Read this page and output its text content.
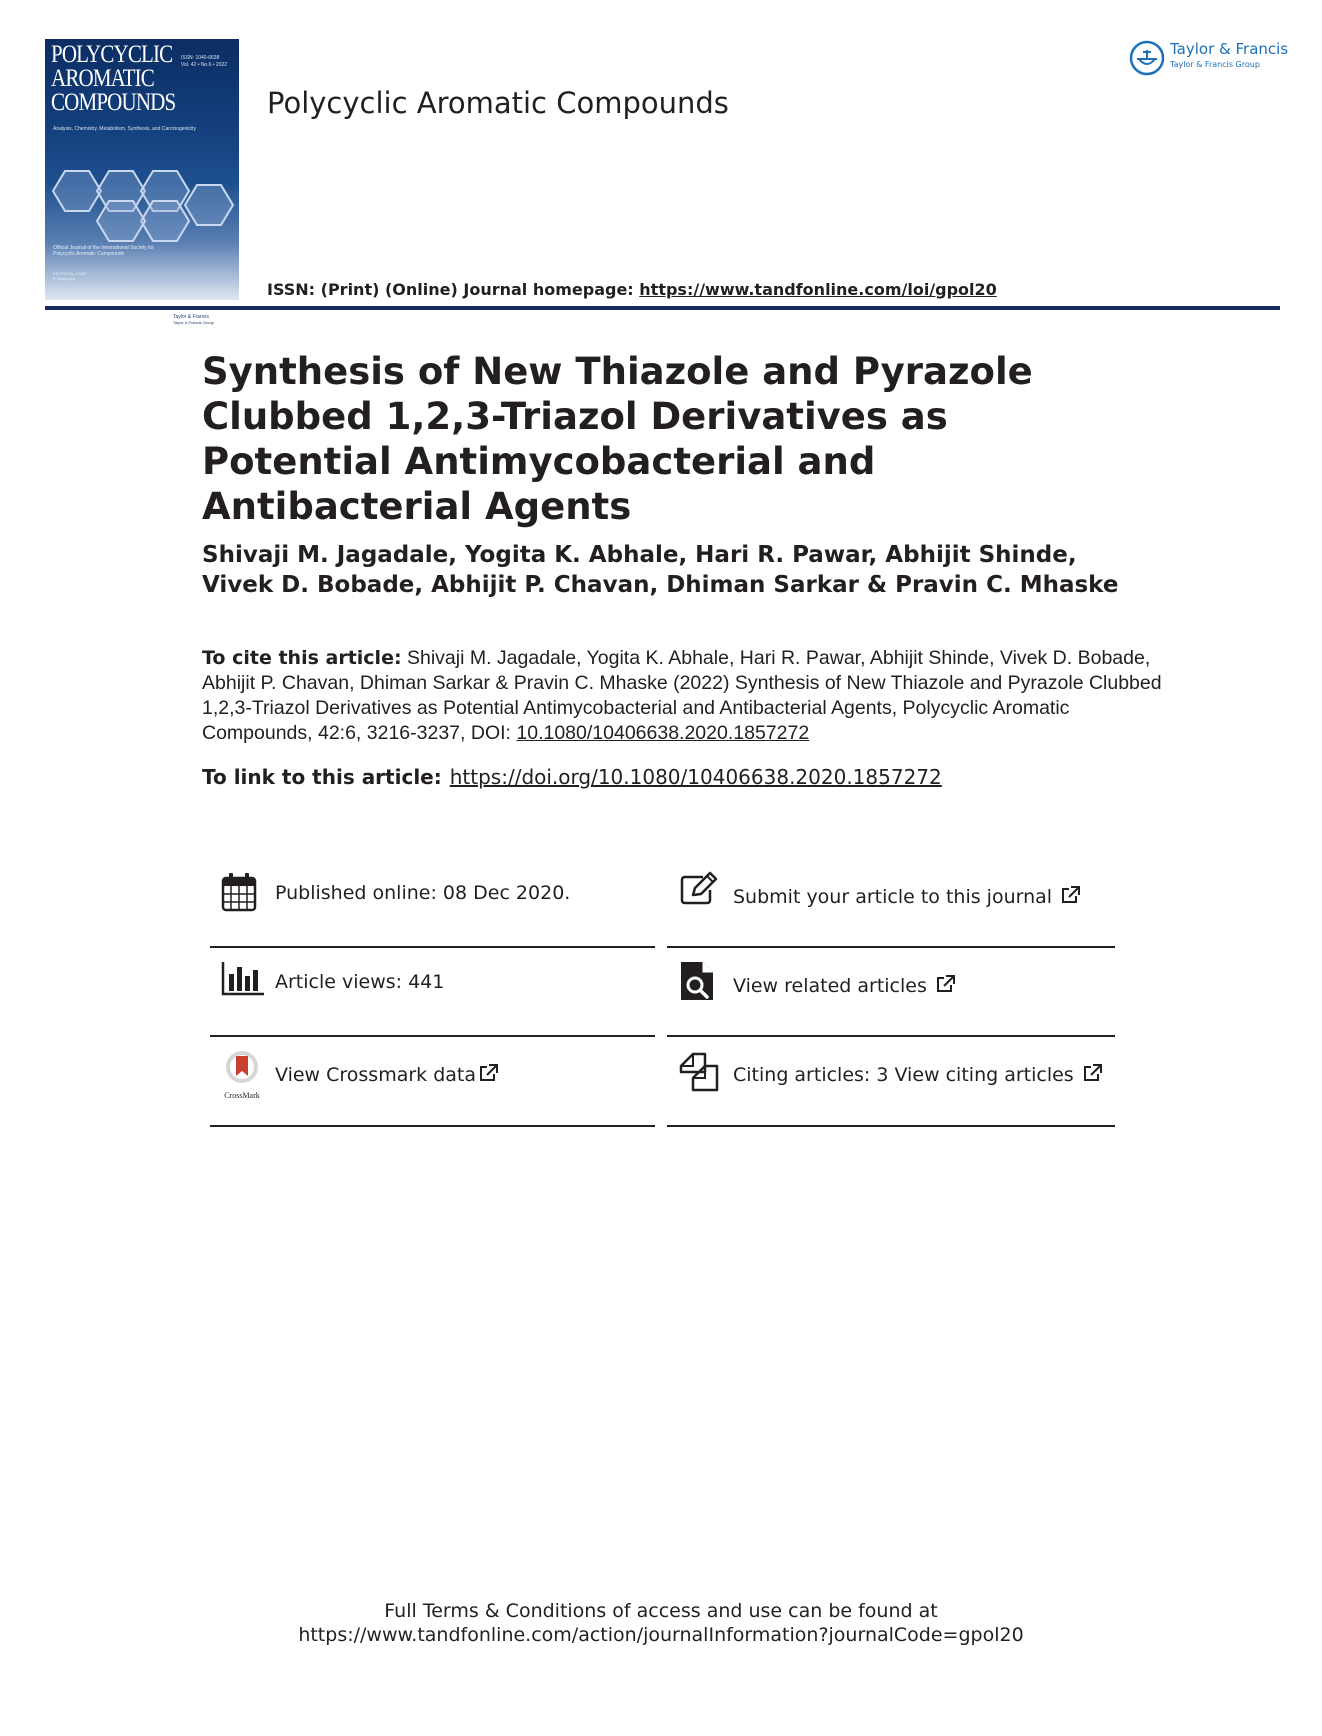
POLYCYCLIC
AROMATIC
COMPOUNDS
ISSN: 1040-6638
Vol. 42 • No.6 • 2022
Analysis, Chemistry, Metabolism, Synthesis, and Carcinogenicity
Official Journal of the International Society for Polycyclic Aromatic Compounds
EDITOR-IN-CHIEF
P. Garrigues
Taylor & Francis
Taylor & Francis Group
Polycyclic Aromatic Compounds
Taylor & Francis
Taylor & Francis Group
ISSN: (Print) (Online) Journal homepage: https://www.tandfonline.com/loi/gpol20
Synthesis of New Thiazole and Pyrazole Clubbed 1,2,3-Triazol Derivatives as Potential Antimycobacterial and Antibacterial Agents
Shivaji M. Jagadale, Yogita K. Abhale, Hari R. Pawar, Abhijit Shinde, Vivek D. Bobade, Abhijit P. Chavan, Dhiman Sarkar & Pravin C. Mhaske
To cite this article: Shivaji M. Jagadale, Yogita K. Abhale, Hari R. Pawar, Abhijit Shinde, Vivek D. Bobade, Abhijit P. Chavan, Dhiman Sarkar & Pravin C. Mhaske (2022) Synthesis of New Thiazole and Pyrazole Clubbed 1,2,3-Triazol Derivatives as Potential Antimycobacterial and Antibacterial Agents, Polycyclic Aromatic Compounds, 42:6, 3216-3237, DOI: 10.1080/10406638.2020.1857272
To link to this article: https://doi.org/10.1080/10406638.2020.1857272
Published online: 08 Dec 2020.	Submit your article to this journal
Article views: 441	View related articles
CrossMark
View Crossmark data	Citing articles: 3 View citing articles
Full Terms & Conditions of access and use can be found at
https://www.tandfonline.com/action/journalInformation?journalCode=gpol20
